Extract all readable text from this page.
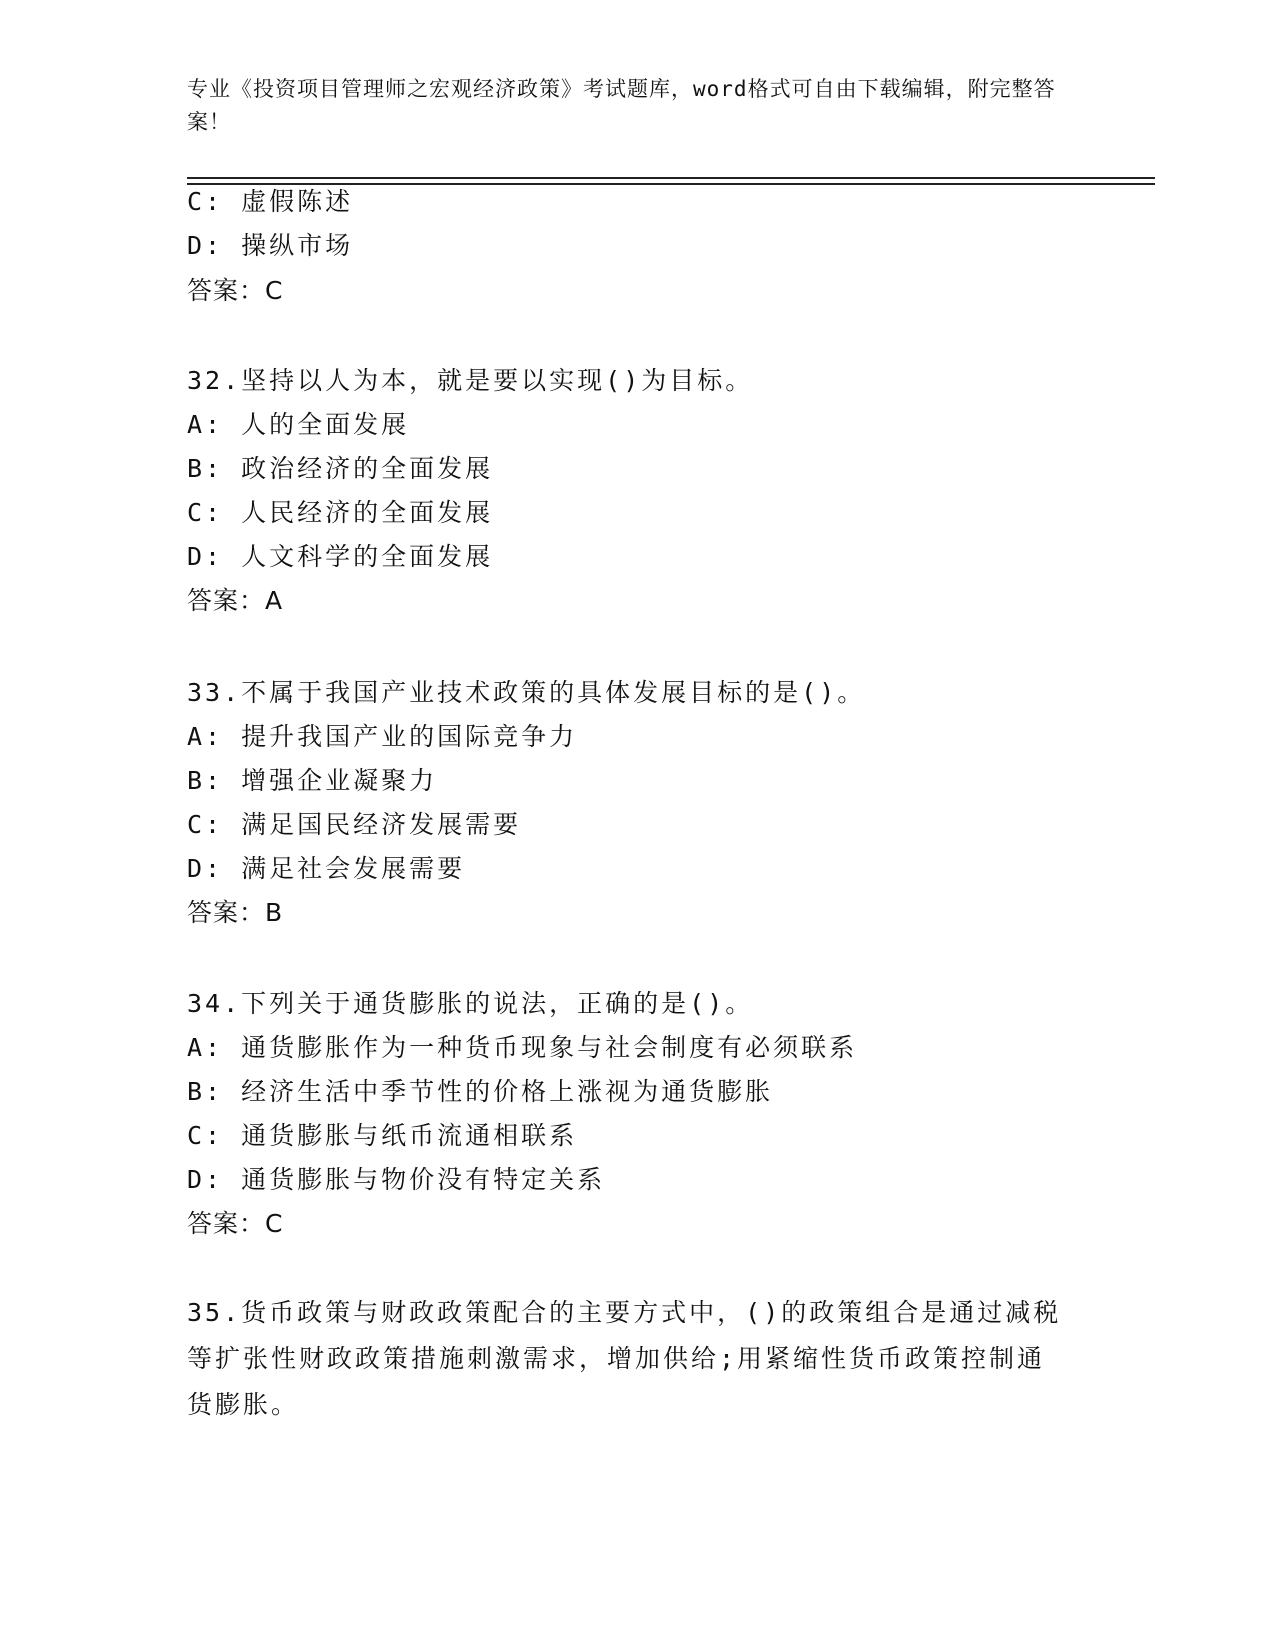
专业《投资项目管理师之宏观经济政策》考试题库，word格式可自由下载编辑，附完整答案！
C: 虚假陈述
D: 操纵市场
答案：C
32.坚持以人为本，就是要以实现()为目标。
A: 人的全面发展
B: 政治经济的全面发展
C: 人民经济的全面发展
D: 人文科学的全面发展
答案：A
33.不属于我国产业技术政策的具体发展目标的是()。
A: 提升我国产业的国际竞争力
B: 增强企业凝聚力
C: 满足国民经济发展需要
D: 满足社会发展需要
答案：B
34.下列关于通货膨胀的说法，正确的是()。
A: 通货膨胀作为一种货币现象与社会制度有必须联系
B: 经济生活中季节性的价格上涨视为通货膨胀
C: 通货膨胀与纸币流通相联系
D: 通货膨胀与物价没有特定关系
答案：C
35.货币政策与财政政策配合的主要方式中，()的政策组合是通过减税等扩张性财政政策措施刺激需求，增加供给;用紧缩性货币政策控制通货膨胀。
